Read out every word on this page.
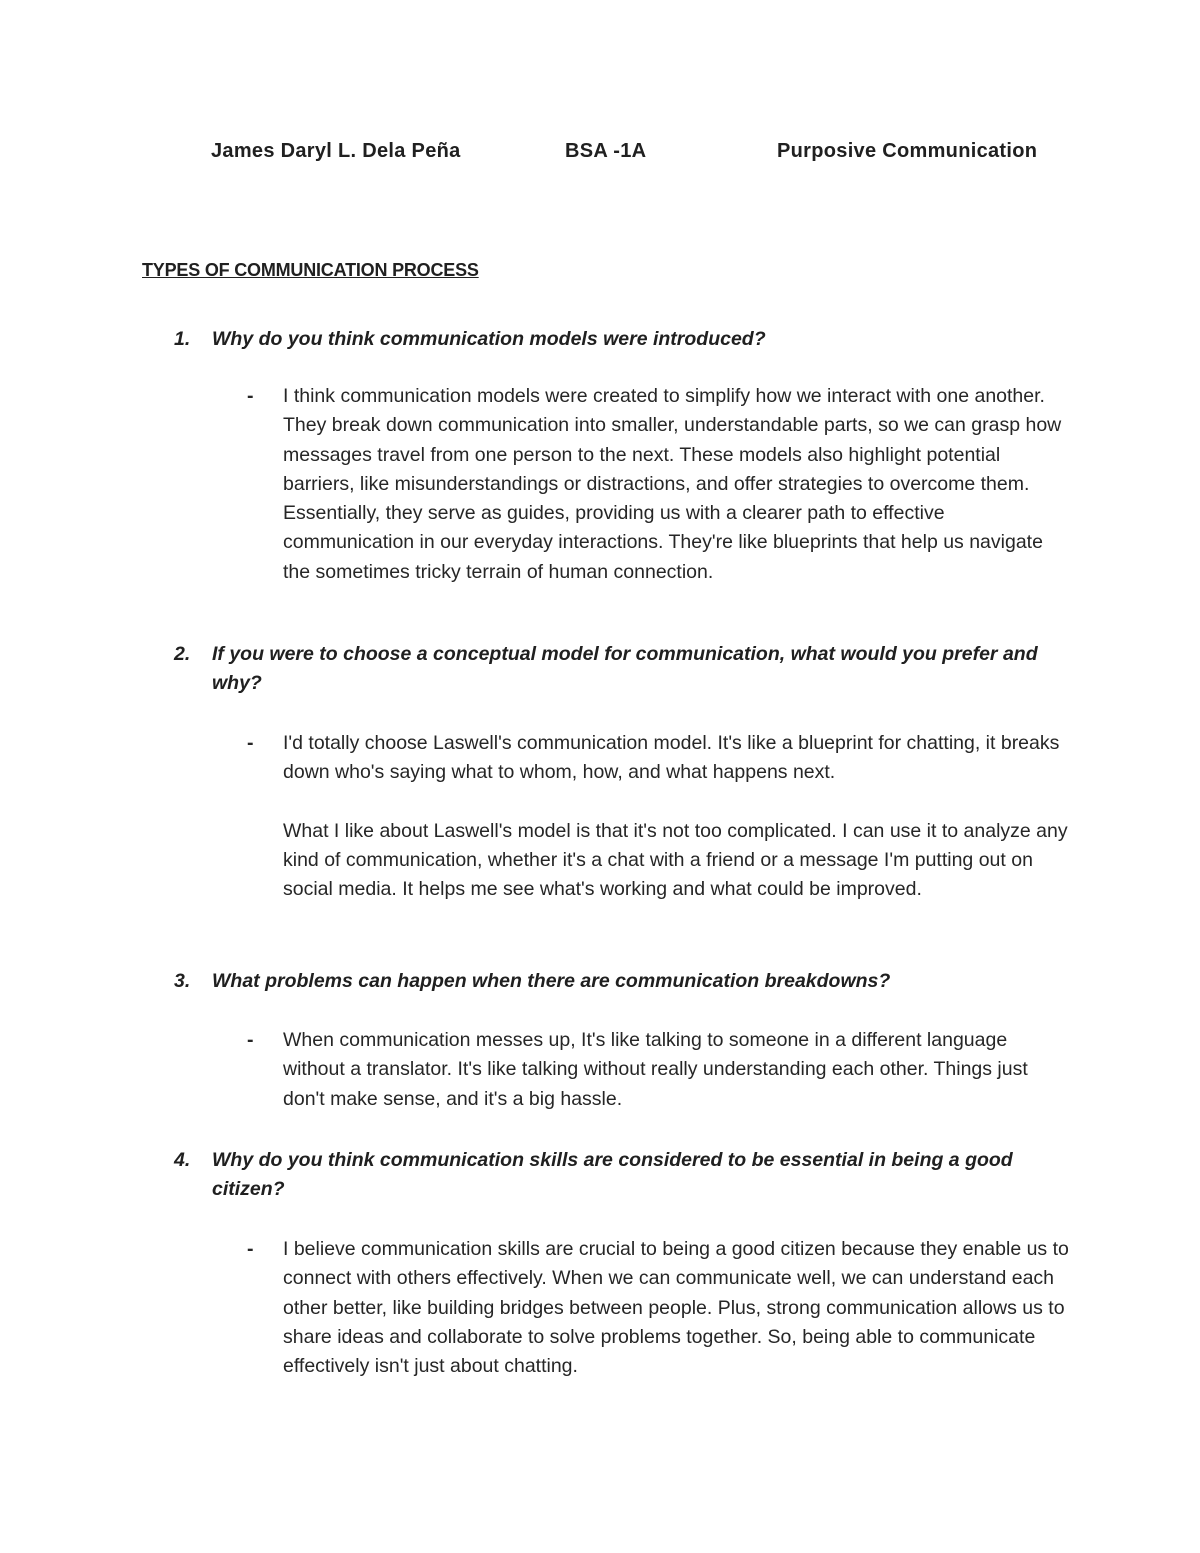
James Daryl L. Dela Peña	BSA -1A	Purposive Communication
TYPES OF COMMUNICATION PROCESS
1. Why do you think communication models were introduced?
- I think communication models were created to simplify how we interact with one another. They break down communication into smaller, understandable parts, so we can grasp how messages travel from one person to the next. These models also highlight potential barriers, like misunderstandings or distractions, and offer strategies to overcome them. Essentially, they serve as guides, providing us with a clearer path to effective communication in our everyday interactions. They're like blueprints that help us navigate the sometimes tricky terrain of human connection.

2. If you were to choose a conceptual model for communication, what would you prefer and why?
- I'd totally choose Laswell's communication model. It's like a blueprint for chatting, it breaks down who's saying what to whom, how, and what happens next.

What I like about Laswell's model is that it's not too complicated. I can use it to analyze any kind of communication, whether it's a chat with a friend or a message I'm putting out on social media. It helps me see what's working and what could be improved.

3. What problems can happen when there are communication breakdowns?
- When communication messes up, It's like talking to someone in a different language without a translator. It's like talking without really understanding each other. Things just don't make sense, and it's a big hassle.

4. Why do you think communication skills are considered to be essential in being a good citizen?
- I believe communication skills are crucial to being a good citizen because they enable us to connect with others effectively. When we can communicate well, we can understand each other better, like building bridges between people. Plus, strong communication allows us to share ideas and collaborate to solve problems together. So, being able to communicate effectively isn't just about chatting.
